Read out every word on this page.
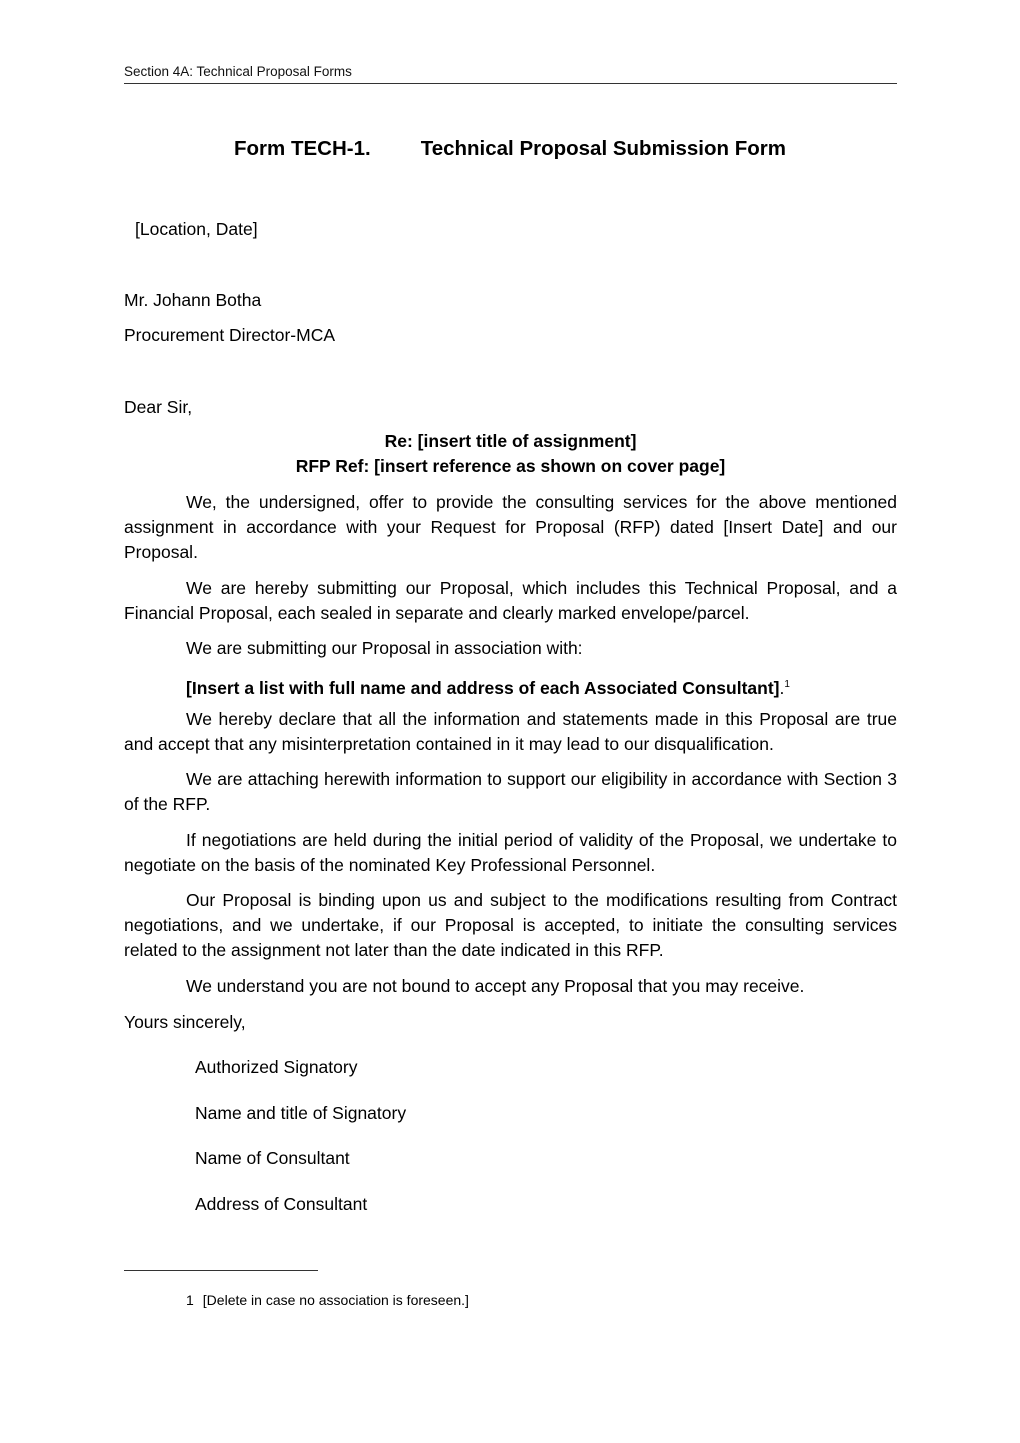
Section 4A: Technical Proposal Forms
Form TECH-1. Technical Proposal Submission Form
[Location, Date]
Mr. Johann Botha
Procurement Director-MCA
Dear Sir,
Re: [insert title of assignment]
RFP Ref: [insert reference as shown on cover page]
We, the undersigned, offer to provide the consulting services for the above mentioned assignment in accordance with your Request for Proposal (RFP) dated [Insert Date] and our Proposal.
We are hereby submitting our Proposal, which includes this Technical Proposal, and a Financial Proposal, each sealed in separate and clearly marked envelope/parcel.
We are submitting our Proposal in association with:
[Insert a list with full name and address of each Associated Consultant].$^1$
We hereby declare that all the information and statements made in this Proposal are true and accept that any misinterpretation contained in it may lead to our disqualification.
We are attaching herewith information to support our eligibility in accordance with Section 3 of the RFP.
If negotiations are held during the initial period of validity of the Proposal, we undertake to negotiate on the basis of the nominated Key Professional Personnel.
Our Proposal is binding upon us and subject to the modifications resulting from Contract negotiations, and we undertake, if our Proposal is accepted, to initiate the consulting services related to the assignment not later than the date indicated in this RFP.
We understand you are not bound to accept any Proposal that you may receive.
Yours sincerely,
Authorized Signatory
Name and title of Signatory
Name of Consultant
Address of Consultant
1 [Delete in case no association is foreseen.]
